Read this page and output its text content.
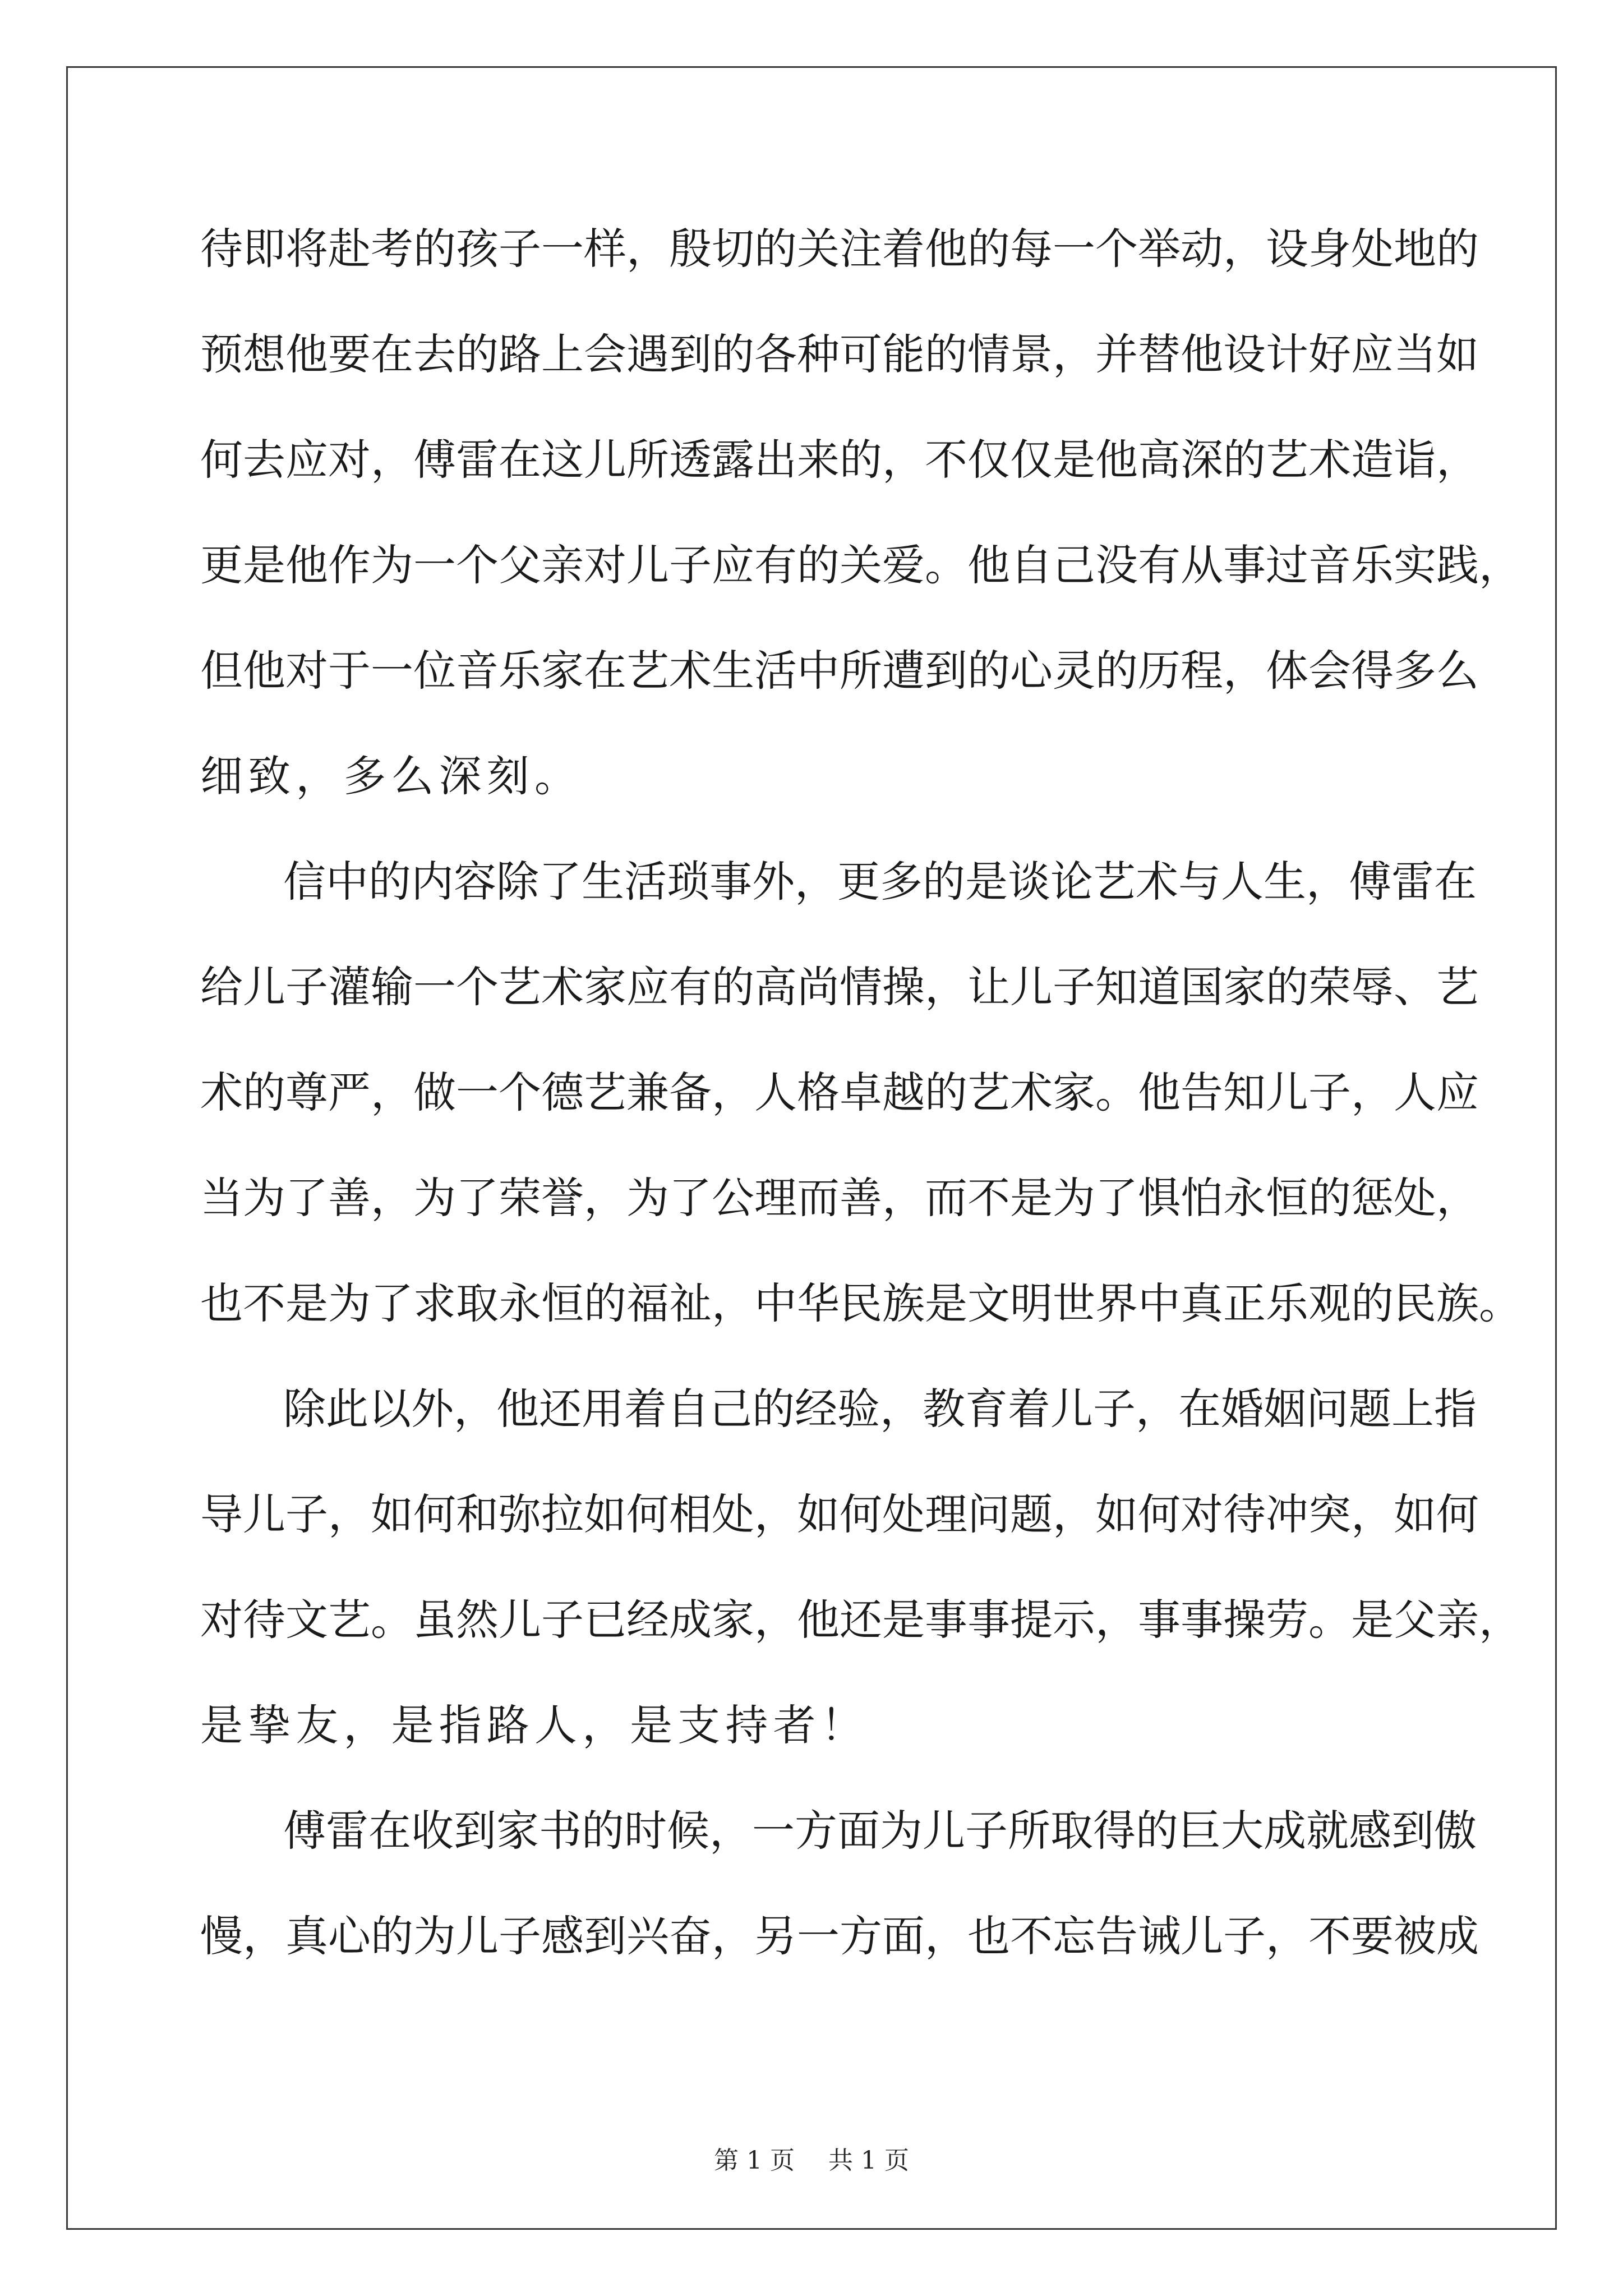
待即将赴考的孩子一样，殷切的关注着他的每一个举动，设身处地的
预想他要在去的路上会遇到的各种可能的情景，并替他设计好应当如
何去应对，傅雷在这儿所透露出来的，不仅仅是他高深的艺术造诣，
更是他作为一个父亲对儿子应有的关爱。他自己没有从事过音乐实践，
但他对于一位音乐家在艺术生活中所遭到的心灵的历程，体会得多么
细致，多么深刻。
信中的内容除了生活琐事外，更多的是谈论艺术与人生，傅雷在
给儿子灌输一个艺术家应有的高尚情操，让儿子知道国家的荣辱、艺
术的尊严，做一个德艺兼备，人格卓越的艺术家。他告知儿子，人应
当为了善，为了荣誉，为了公理而善，而不是为了惧怕永恒的惩处，
也不是为了求取永恒的福祉，中华民族是文明世界中真正乐观的民族。
除此以外，他还用着自己的经验，教育着儿子，在婚姻问题上指
导儿子，如何和弥拉如何相处，如何处理问题，如何对待冲突，如何
对待文艺。虽然儿子已经成家，他还是事事提示，事事操劳。是父亲，
是挚友，是指路人，是支持者！
傅雷在收到家书的时候，一方面为儿子所取得的巨大成就感到傲
慢，真心的为儿子感到兴奋，另一方面，也不忘告诫儿子，不要被成
第 1 页 共 1 页
